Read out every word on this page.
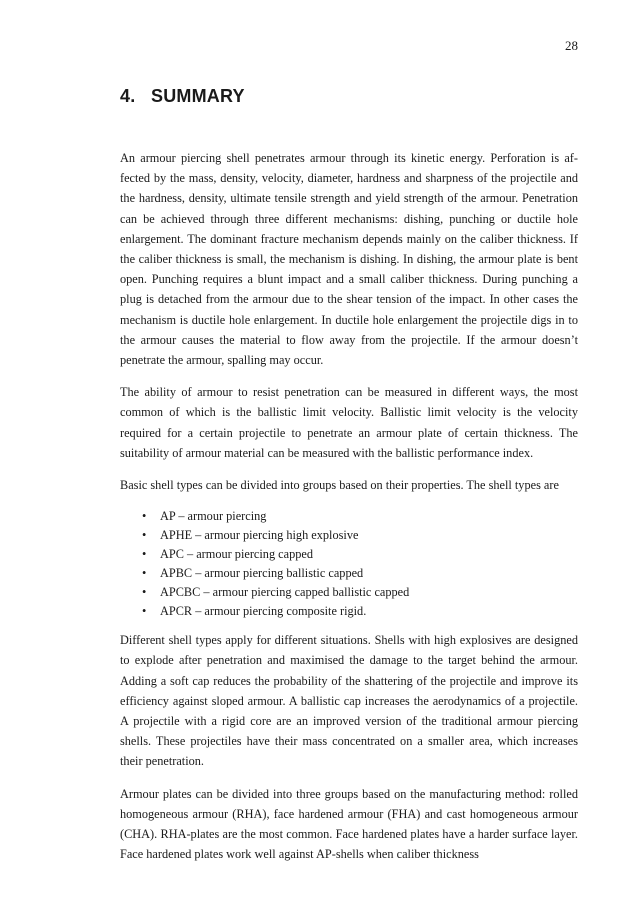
28
4.   SUMMARY

An armour piercing shell penetrates armour through its kinetic energy. Perforation is affected by the mass, density, velocity, diameter, hardness and sharpness of the projectile and the hardness, density, ultimate tensile strength and yield strength of the armour. Penetration can be achieved through three different mechanisms: dishing, punching or ductile hole enlargement. The dominant fracture mechanism depends mainly on the caliber thickness. If the caliber thickness is small, the mechanism is dishing. In dishing, the armour plate is bent open. Punching requires a blunt impact and a small caliber thickness. During punching a plug is detached from the armour due to the shear tension of the impact. In other cases the mechanism is ductile hole enlargement. In ductile hole enlargement the projectile digs in to the armour causes the material to flow away from the projectile. If the armour doesn’t penetrate the armour, spalling may occur.

The ability of armour to resist penetration can be measured in different ways, the most common of which is the ballistic limit velocity. Ballistic limit velocity is the velocity required for a certain projectile to penetrate an armour plate of certain thickness. The suitability of armour material can be measured with the ballistic performance index.

Basic shell types can be divided into groups based on their properties. The shell types are

• AP – armour piercing
• APHE – armour piercing high explosive
• APC – armour piercing capped
• APBC – armour piercing ballistic capped
• APCBC – armour piercing capped ballistic capped
• APCR – armour piercing composite rigid.

Different shell types apply for different situations. Shells with high explosives are designed to explode after penetration and maximised the damage to the target behind the armour. Adding a soft cap reduces the probability of the shattering of the projectile and improve its efficiency against sloped armour. A ballistic cap increases the aerodynamics of a projectile. A projectile with a rigid core are an improved version of the traditional armour piercing shells. These projectiles have their mass concentrated on a smaller area, which increases their penetration.

Armour plates can be divided into three groups based on the manufacturing method: rolled homogeneous armour (RHA), face hardened armour (FHA) and cast homogeneous armour (CHA). RHA-plates are the most common. Face hardened plates have a harder surface layer. Face hardened plates work well against AP-shells when caliber thickness
